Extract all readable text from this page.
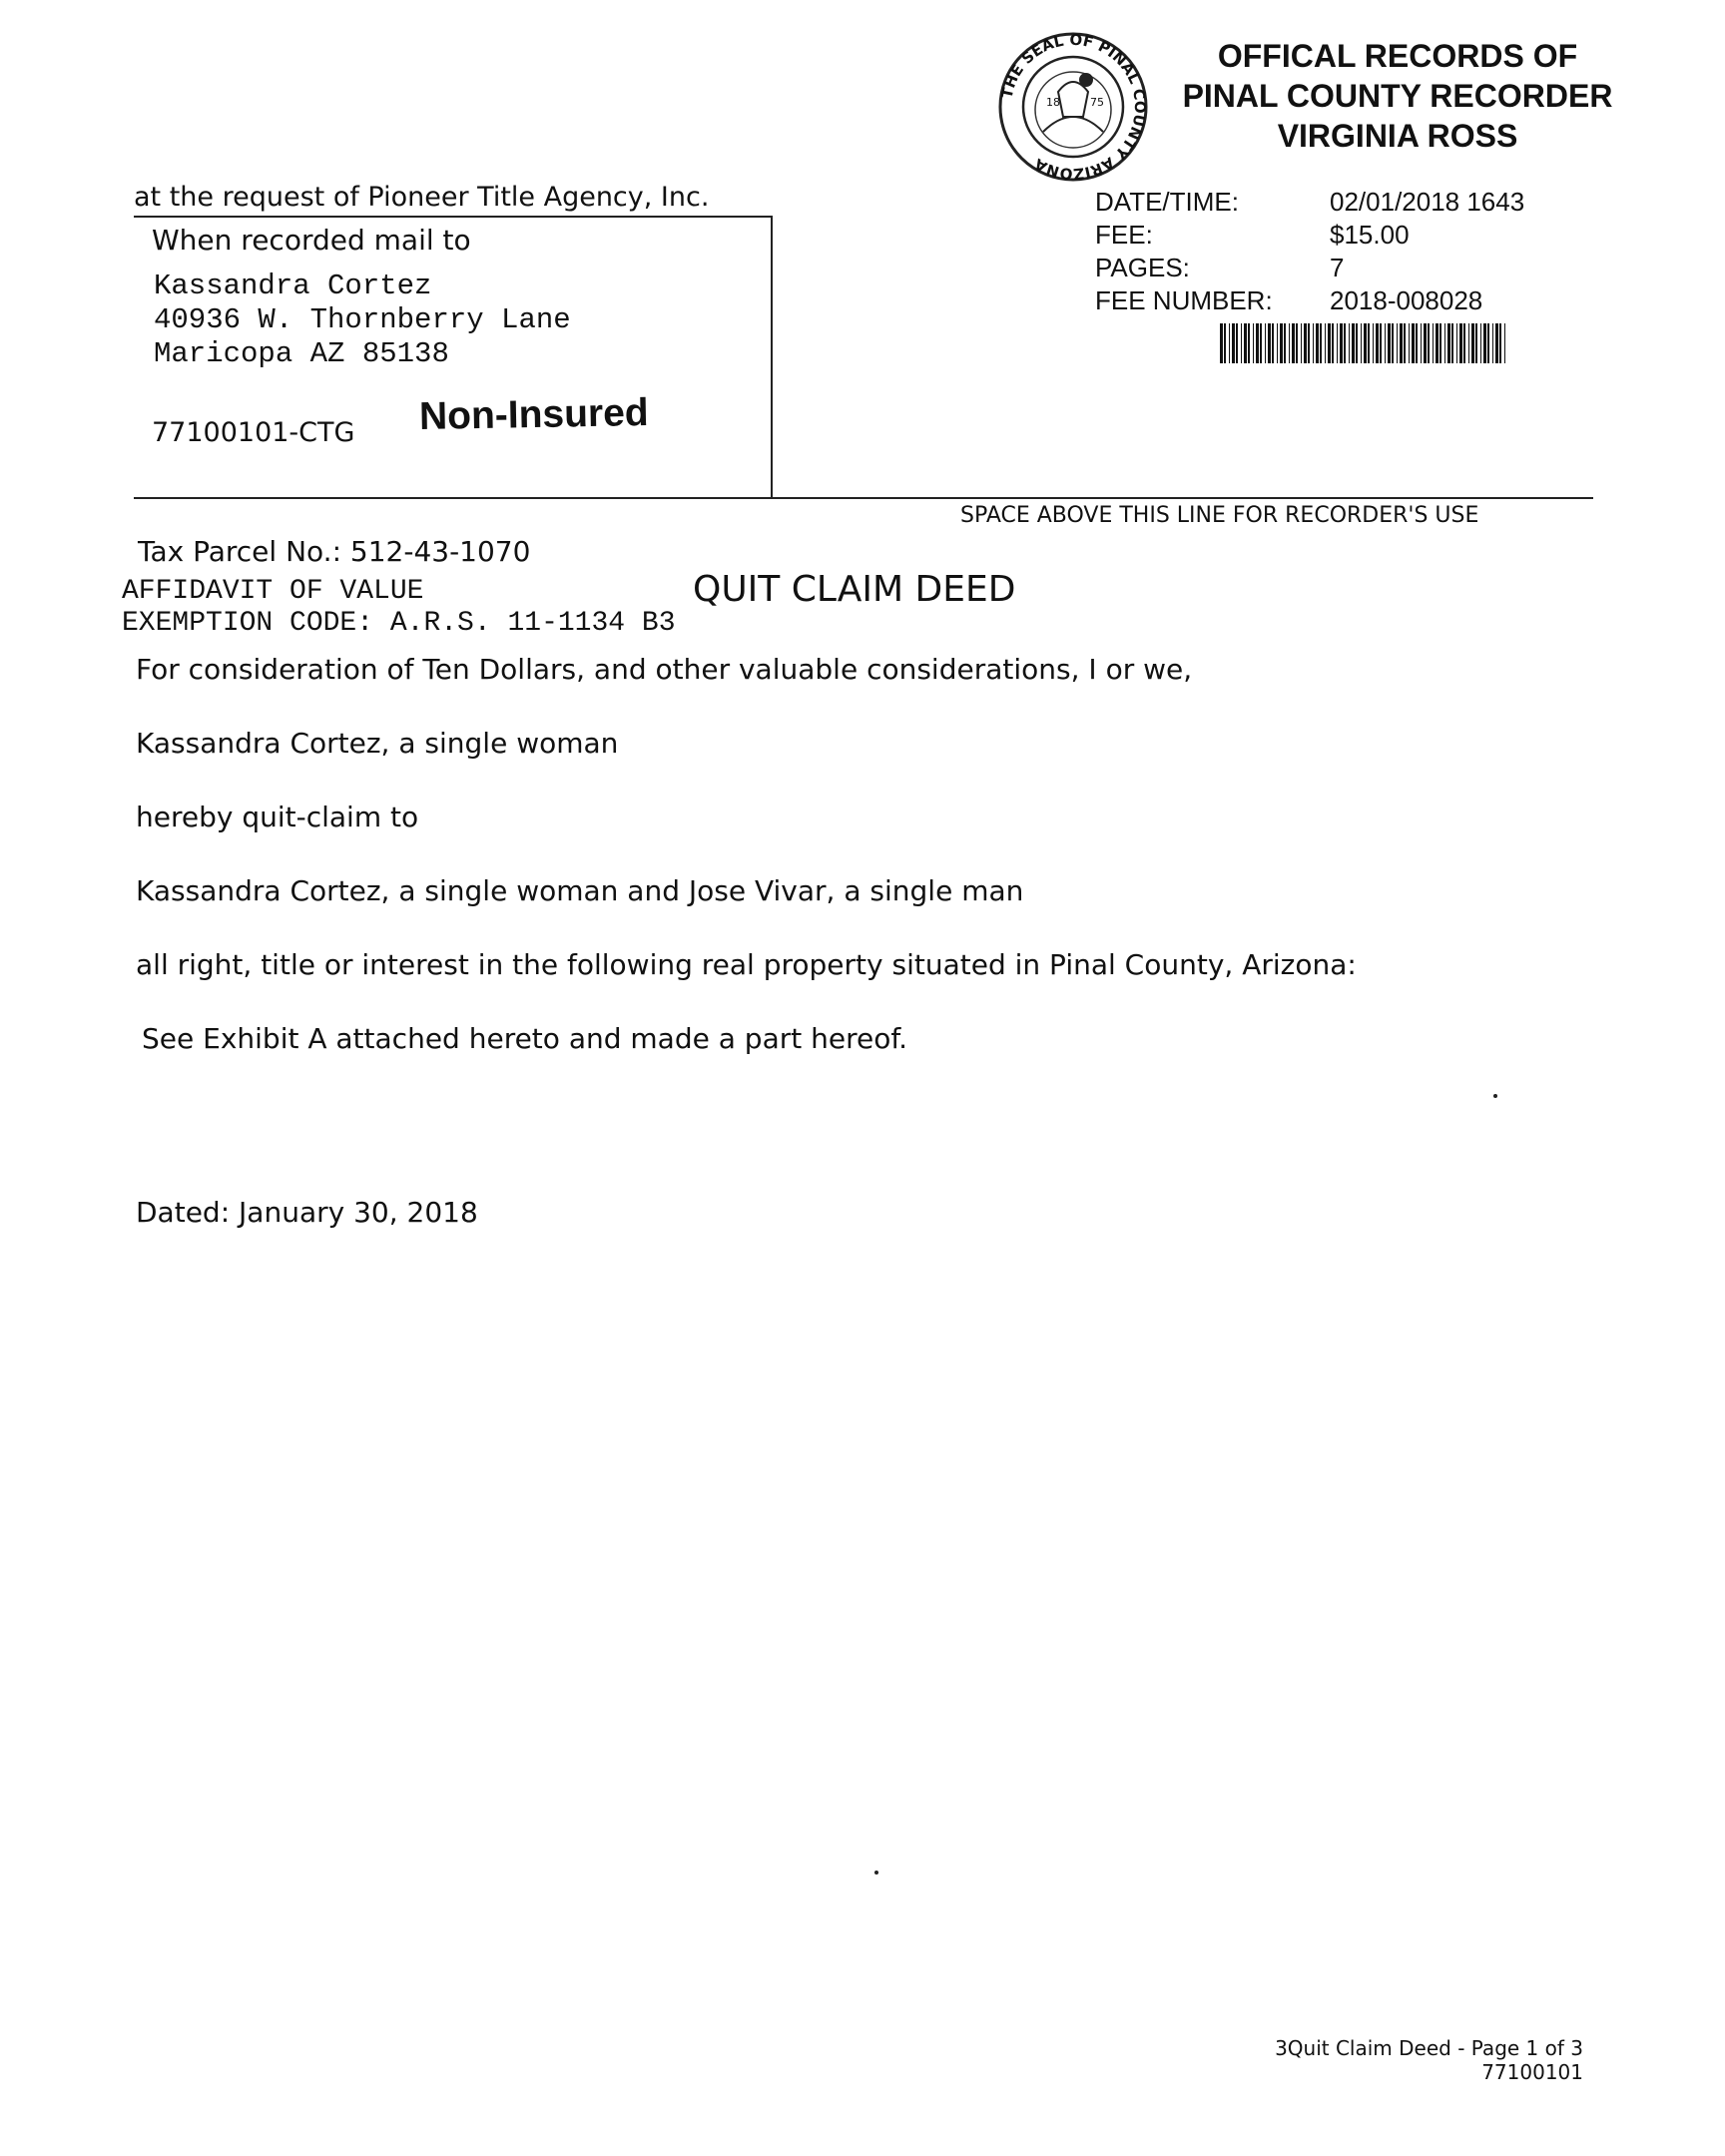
THE SEAL OF PINAL COUNTY ARIZONA
18	75
OFFICAL RECORDS OF
PINAL COUNTY RECORDER
VIRGINIA ROSS
DATE/TIME:	02/01/2018 1643
FEE:	$15.00
PAGES:	7
FEE NUMBER: 2018-008028
at the request of Pioneer Title Agency, Inc.
When recorded mail to
Kassandra Cortez
40936 W. Thornberry Lane
Maricopa AZ 85138
77100101-CTG Non-Insured
SPACE ABOVE THIS LINE FOR RECORDER'S USE
Tax Parcel No.: 512-43-1070
AFFIDAVIT OF VALUE
EXEMPTION CODE: A.R.S. 11-1134 B3
QUIT CLAIM DEED
For consideration of Ten Dollars, and other valuable considerations, I or we,
Kassandra Cortez, a single woman
hereby quit-claim to
Kassandra Cortez, a single woman and Jose Vivar, a single man
all right, title or interest in the following real property situated in Pinal County, Arizona:
See Exhibit A attached hereto and made a part hereof.
Dated: January 30, 2018
3Quit Claim Deed - Page 1 of 3
77100101
